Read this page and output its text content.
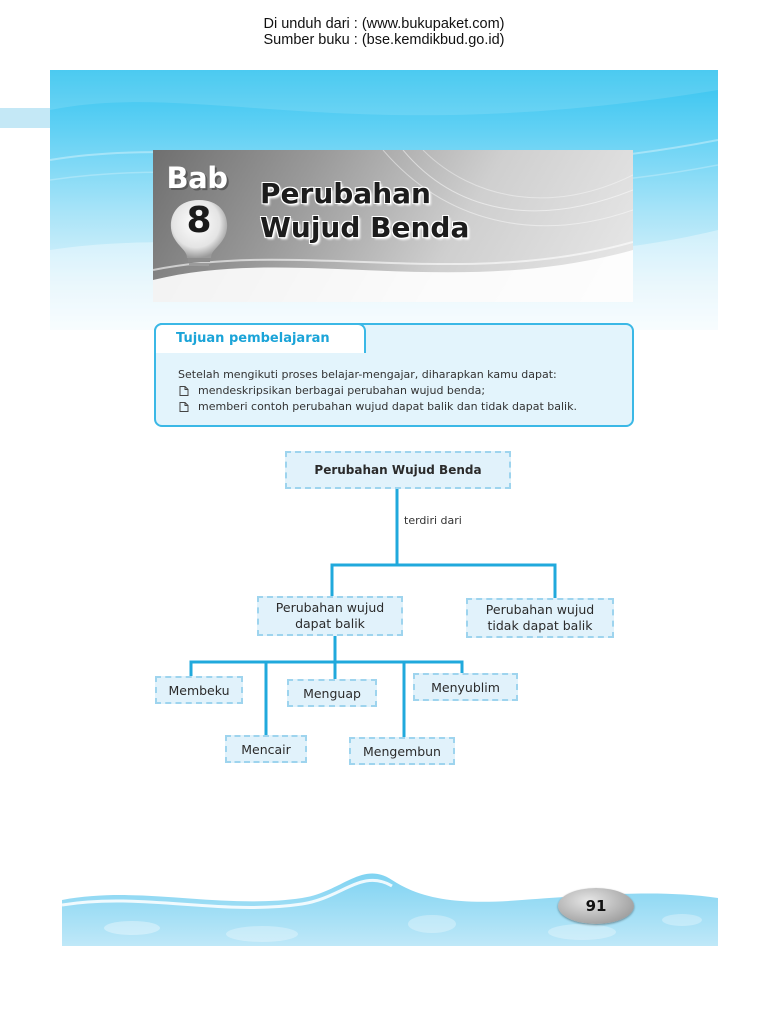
Di unduh dari : (www.bukupaket.com)
Sumber buku : (bse.kemdikbud.go.id)
Bab
8
Perubahan
Wujud Benda
Tujuan pembelajaran
Setelah mengikuti proses belajar-mengajar, diharapkan kamu dapat:
mendeskripsikan berbagai perubahan wujud benda;
memberi contoh perubahan wujud dapat balik dan tidak dapat balik.
terdiri dari
Perubahan Wujud Benda
Perubahan wujud
dapat balik
Perubahan wujud
tidak dapat balik
Membeku	Menguap	Menyublim
Mencair	Mengembun
91
